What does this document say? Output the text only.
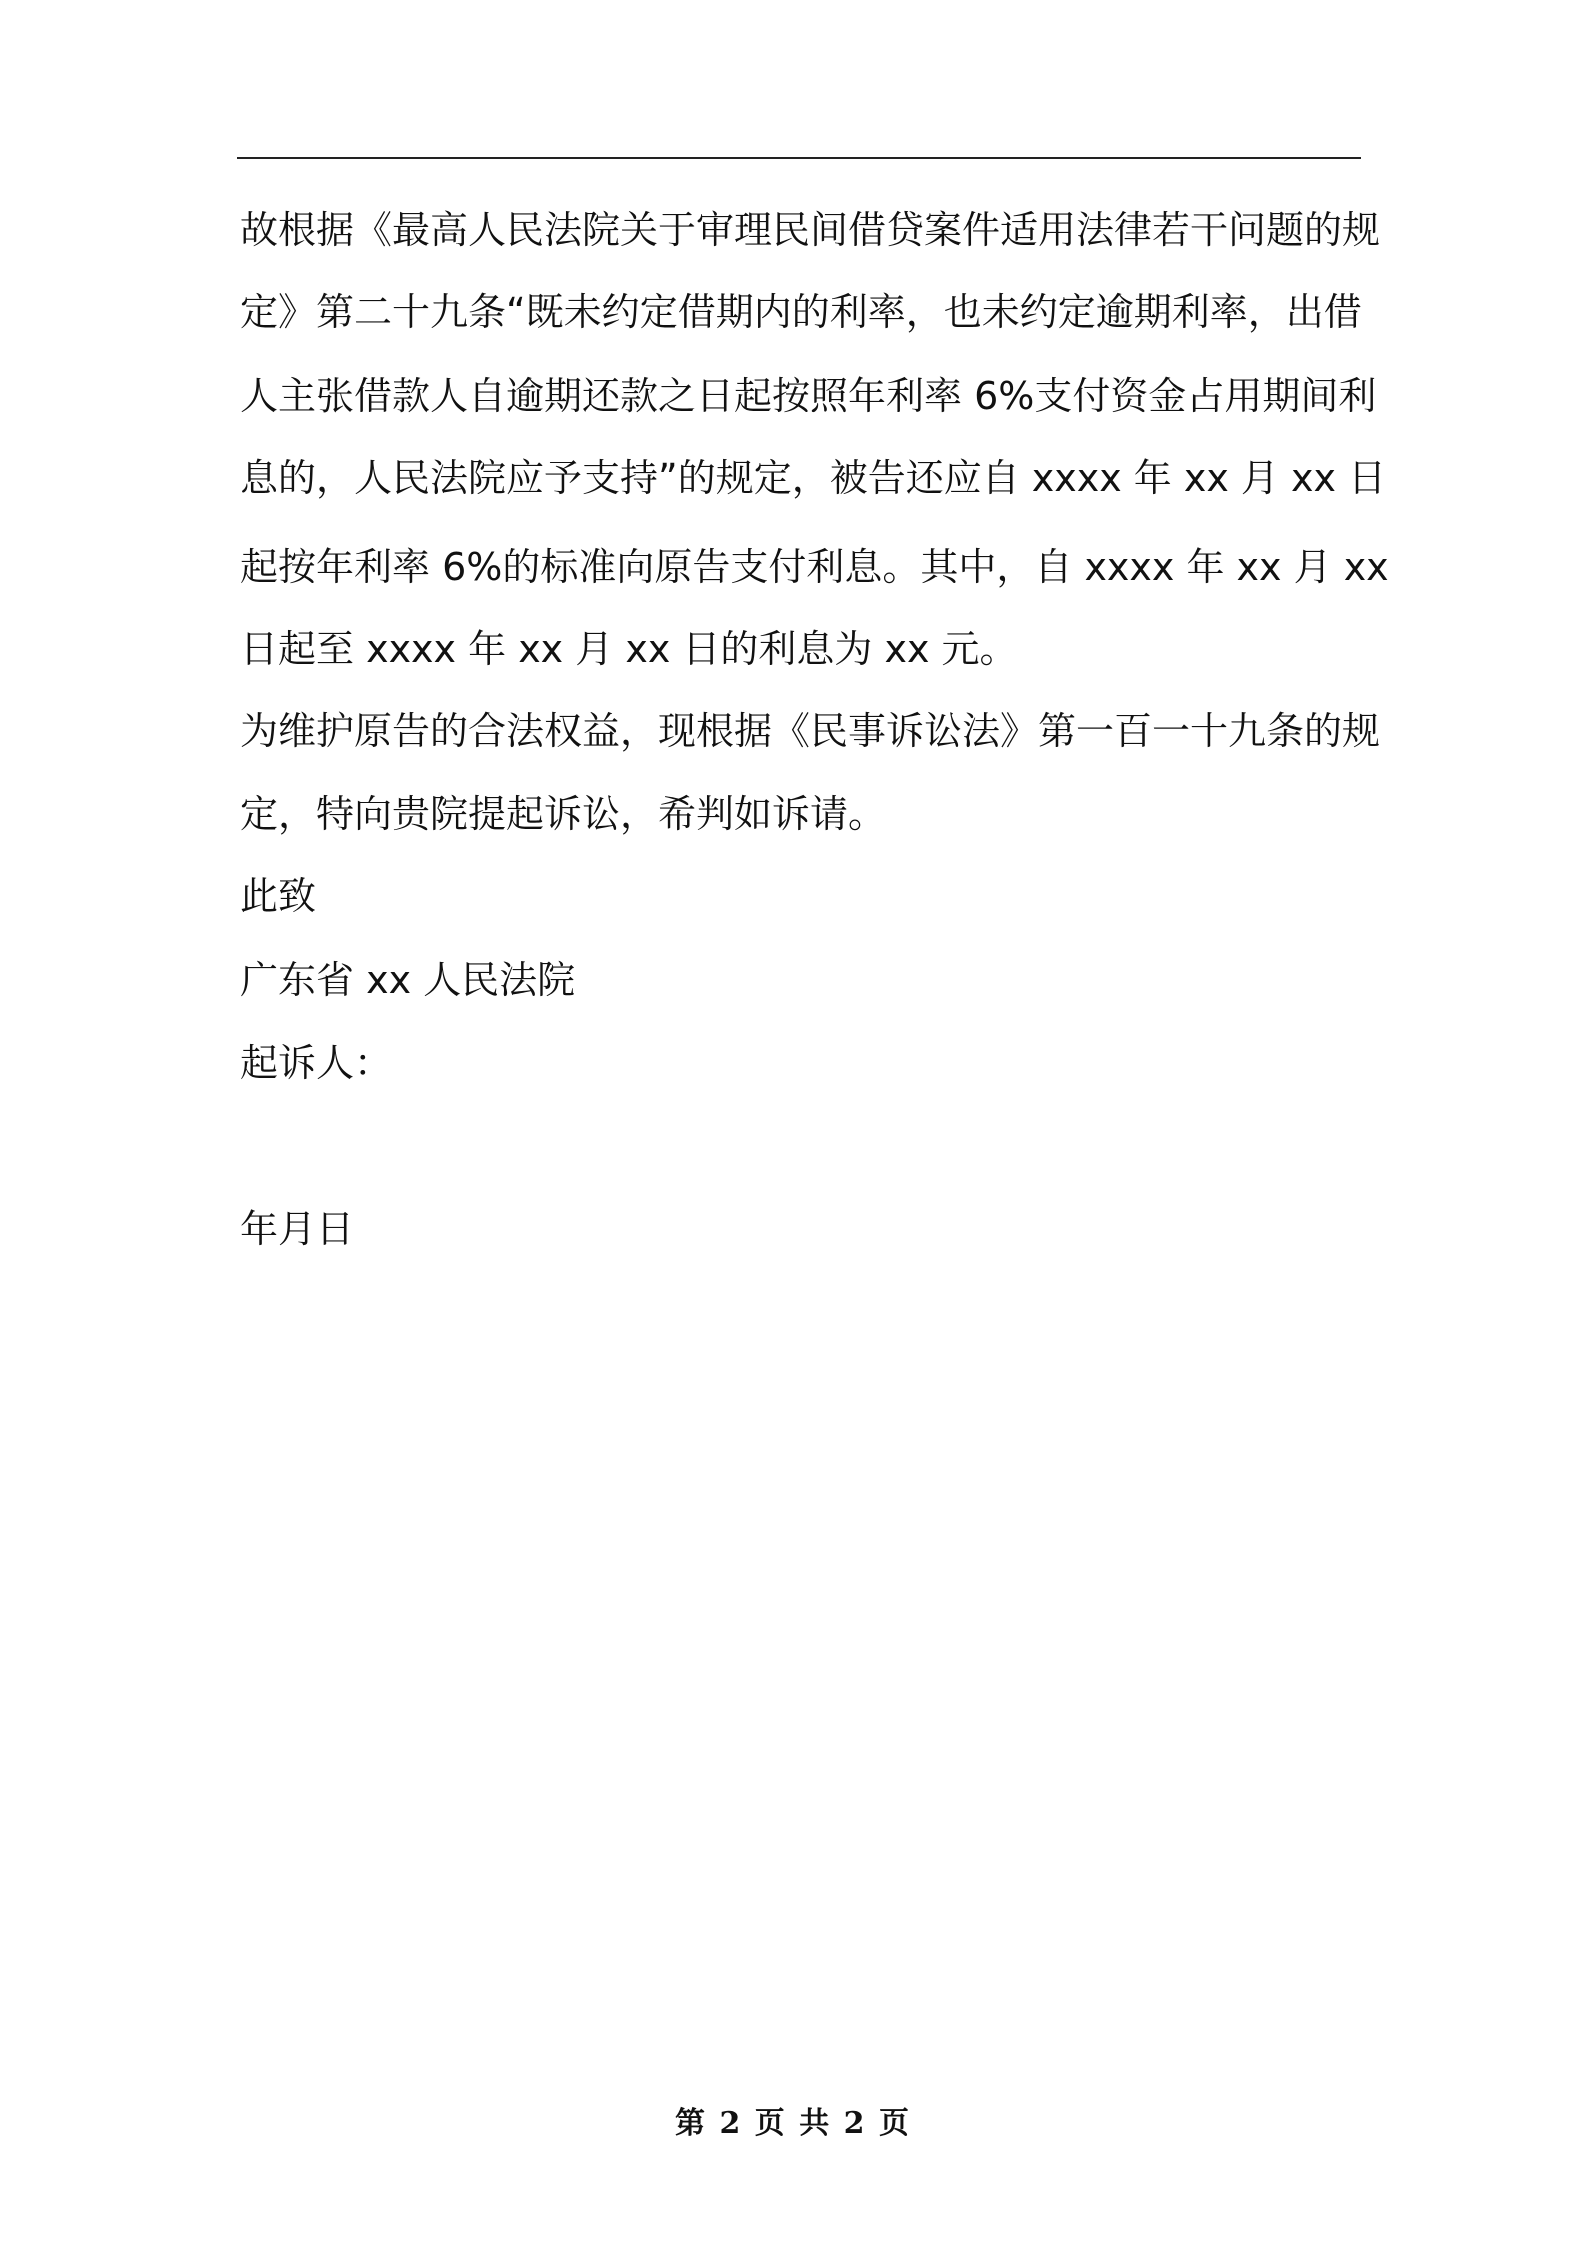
故根据《最高人民法院关于审理民间借贷案件适用法律若干问题的规
定》第二十九条“既未约定借期内的利率，也未约定逾期利率，出借
人主张借款人自逾期还款之日起按照年利率 6%支付资金占用期间利
息的，人民法院应予支持”的规定，被告还应自 xxxx 年 xx 月 xx 日
起按年利率 6%的标准向原告支付利息。其中，自 xxxx 年 xx 月 xx
日起至 xxxx 年 xx 月 xx 日的利息为 xx 元。
为维护原告的合法权益，现根据《民事诉讼法》第一百一十九条的规
定，特向贵院提起诉讼，希判如诉请。
此致
广东省 xx 人民法院
起诉人：
年月日
第 2 页 共 2 页
